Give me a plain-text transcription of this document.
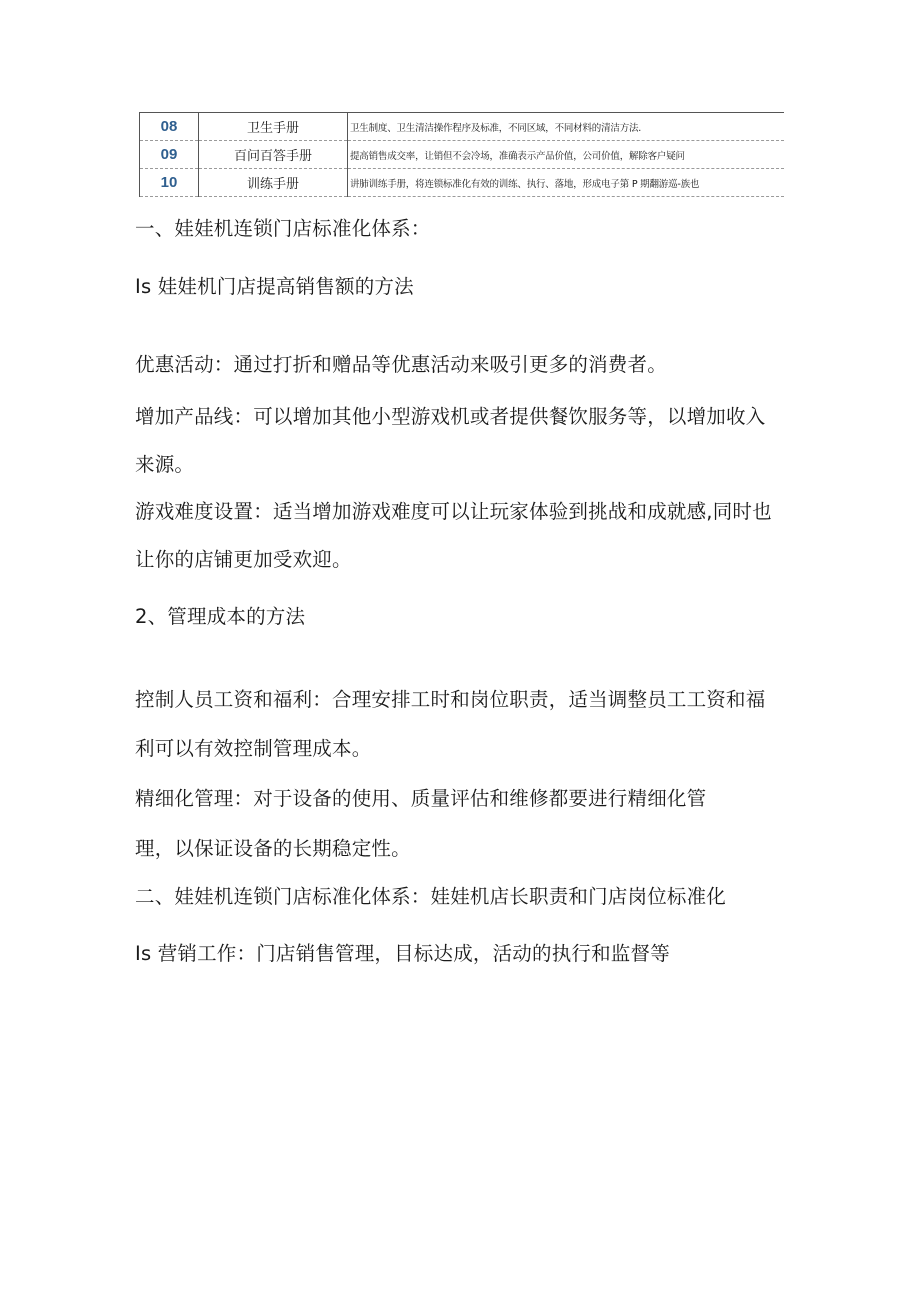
08	卫生手册	卫生制度、卫生清洁操作程序及标准，不同区域，不同材料的清洁方法.
09	百问百答手册	提高销售成交率，让销但不会冷场，准确表示产品价值，公司价值，解除客户疑问
10	训练手册	讲肺训练手册，将连锁标准化有效的训练、执行、落地，形成电子第 P 期翻游巡-族也

一、娃娃机连锁门店标准化体系：

Is 娃娃机门店提高销售额的方法

优惠活动：通过打折和赠品等优惠活动来吸引更多的消费者。

增加产品线：可以增加其他小型游戏机或者提供餐饮服务等，以增加收入

来源。

游戏难度设置：适当增加游戏难度可以让玩家体验到挑战和成就感,同时也

让你的店铺更加受欢迎。

2、管理成本的方法

控制人员工资和福利：合理安排工时和岗位职责，适当调整员工工资和福

利可以有效控制管理成本。

精细化管理：对于设备的使用、质量评估和维修都要进行精细化管

理，以保证设备的长期稳定性。

二、娃娃机连锁门店标准化体系：娃娃机店长职责和门店岗位标准化

Is 营销工作：门店销售管理，目标达成，活动的执行和监督等
